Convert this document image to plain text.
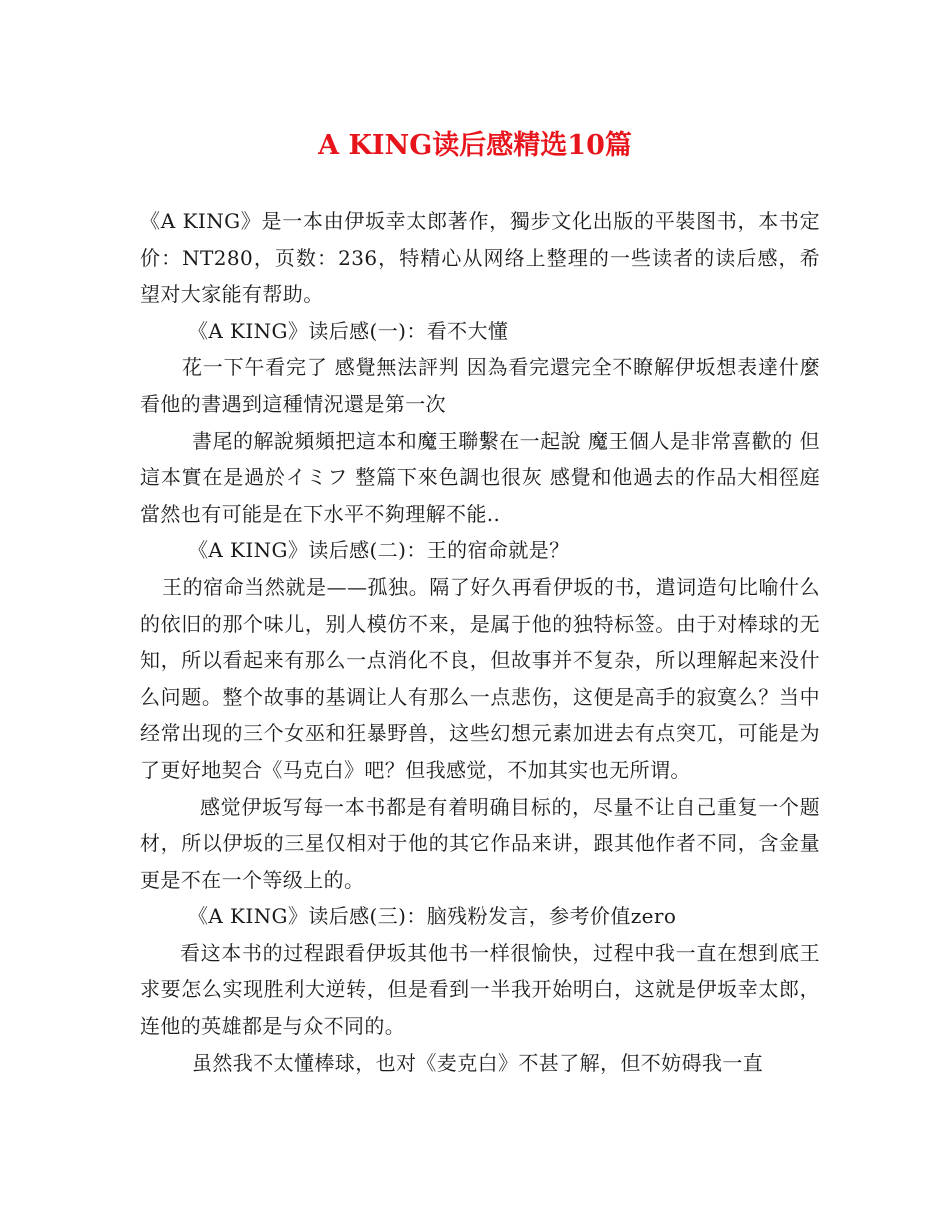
A KING读后感精选10篇

《A KING》是一本由伊坂幸太郎著作，獨步文化出版的平裝图书，本书定价：NT280，页数：236，特精心从网络上整理的一些读者的读后感，希望对大家能有帮助。

《A KING》读后感(一)：看不大懂

花一下午看完了 感覺無法評判 因為看完還完全不瞭解伊坂想表達什麼 看他的書遇到這種情況還是第一次

書尾的解說頻頻把這本和魔王聯繫在一起說 魔王個人是非常喜歡的 但這本實在是過於イミフ 整篇下來色調也很灰 感覺和他過去的作品大相徑庭 當然也有可能是在下水平不夠理解不能..

《A KING》读后感(二)：王的宿命就是？

王的宿命当然就是——孤独。隔了好久再看伊坂的书，遣词造句比喻什么的依旧的那个味儿，别人模仿不来，是属于他的独特标签。由于对棒球的无知，所以看起来有那么一点消化不良，但故事并不复杂，所以理解起来没什么问题。整个故事的基调让人有那么一点悲伤，这便是高手的寂寞么？当中经常出现的三个女巫和狂暴野兽，这些幻想元素加进去有点突兀，可能是为了更好地契合《马克白》吧？但我感觉，不加其实也无所谓。

感觉伊坂写每一本书都是有着明确目标的，尽量不让自己重复一个题材，所以伊坂的三星仅相对于他的其它作品来讲，跟其他作者不同，含金量更是不在一个等级上的。

《A KING》读后感(三)：脑残粉发言，参考价值zero

看这本书的过程跟看伊坂其他书一样很愉快，过程中我一直在想到底王求要怎么实现胜利大逆转，但是看到一半我开始明白，这就是伊坂幸太郎，连他的英雄都是与众不同的。

虽然我不太懂棒球，也对《麦克白》不甚了解，但不妨碍我一直
